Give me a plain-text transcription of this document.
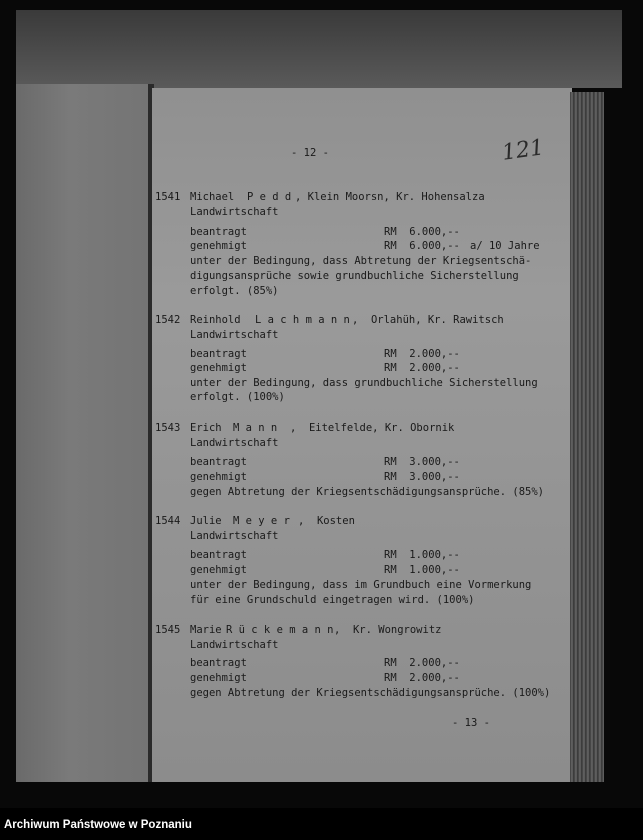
- 12 -	121
1541 Michael P e d d , Klein Moorsn, Kr. Hohensalza
Landwirtschaft
beantragt	RM  6.000,--
genehmigt	RM  6.000,-- a/ 10 Jahre
unter der Bedingung, dass Abtretung der Kriegsentschä-
digungsansprüche sowie grundbuchliche Sicherstellung
erfolgt. (85%)
1542 Reinhold L a c h m a n n ,  Orlahüh, Kr. Rawitsch
Landwirtschaft
beantragt	RM  2.000,--
genehmigt	RM  2.000,--
unter der Bedingung, dass grundbuchliche Sicherstellung
erfolgt. (100%)
1543 Erich M a n n ,  Eitelfelde, Kr. Obornik
Landwirtschaft
beantragt	RM  3.000,--
genehmigt	RM  3.000,--
gegen Abtretung der Kriegsentschädigungsansprüche. (85%)
1544 Julie M e y e r ,  Kosten
Landwirtschaft
beantragt	RM  1.000,--
genehmigt	RM  1.000,--
unter der Bedingung, dass im Grundbuch eine Vormerkung
für eine Grundschuld eingetragen wird. (100%)
1545 Marie R ü c k e m a n n ,  Kr. Wongrowitz
Landwirtschaft
beantragt	RM  2.000,--
genehmigt	RM  2.000,--
gegen Abtretung der Kriegsentschädigungsansprüche. (100%)
- 13 -
Archiwum Państwowe w Poznaniu
